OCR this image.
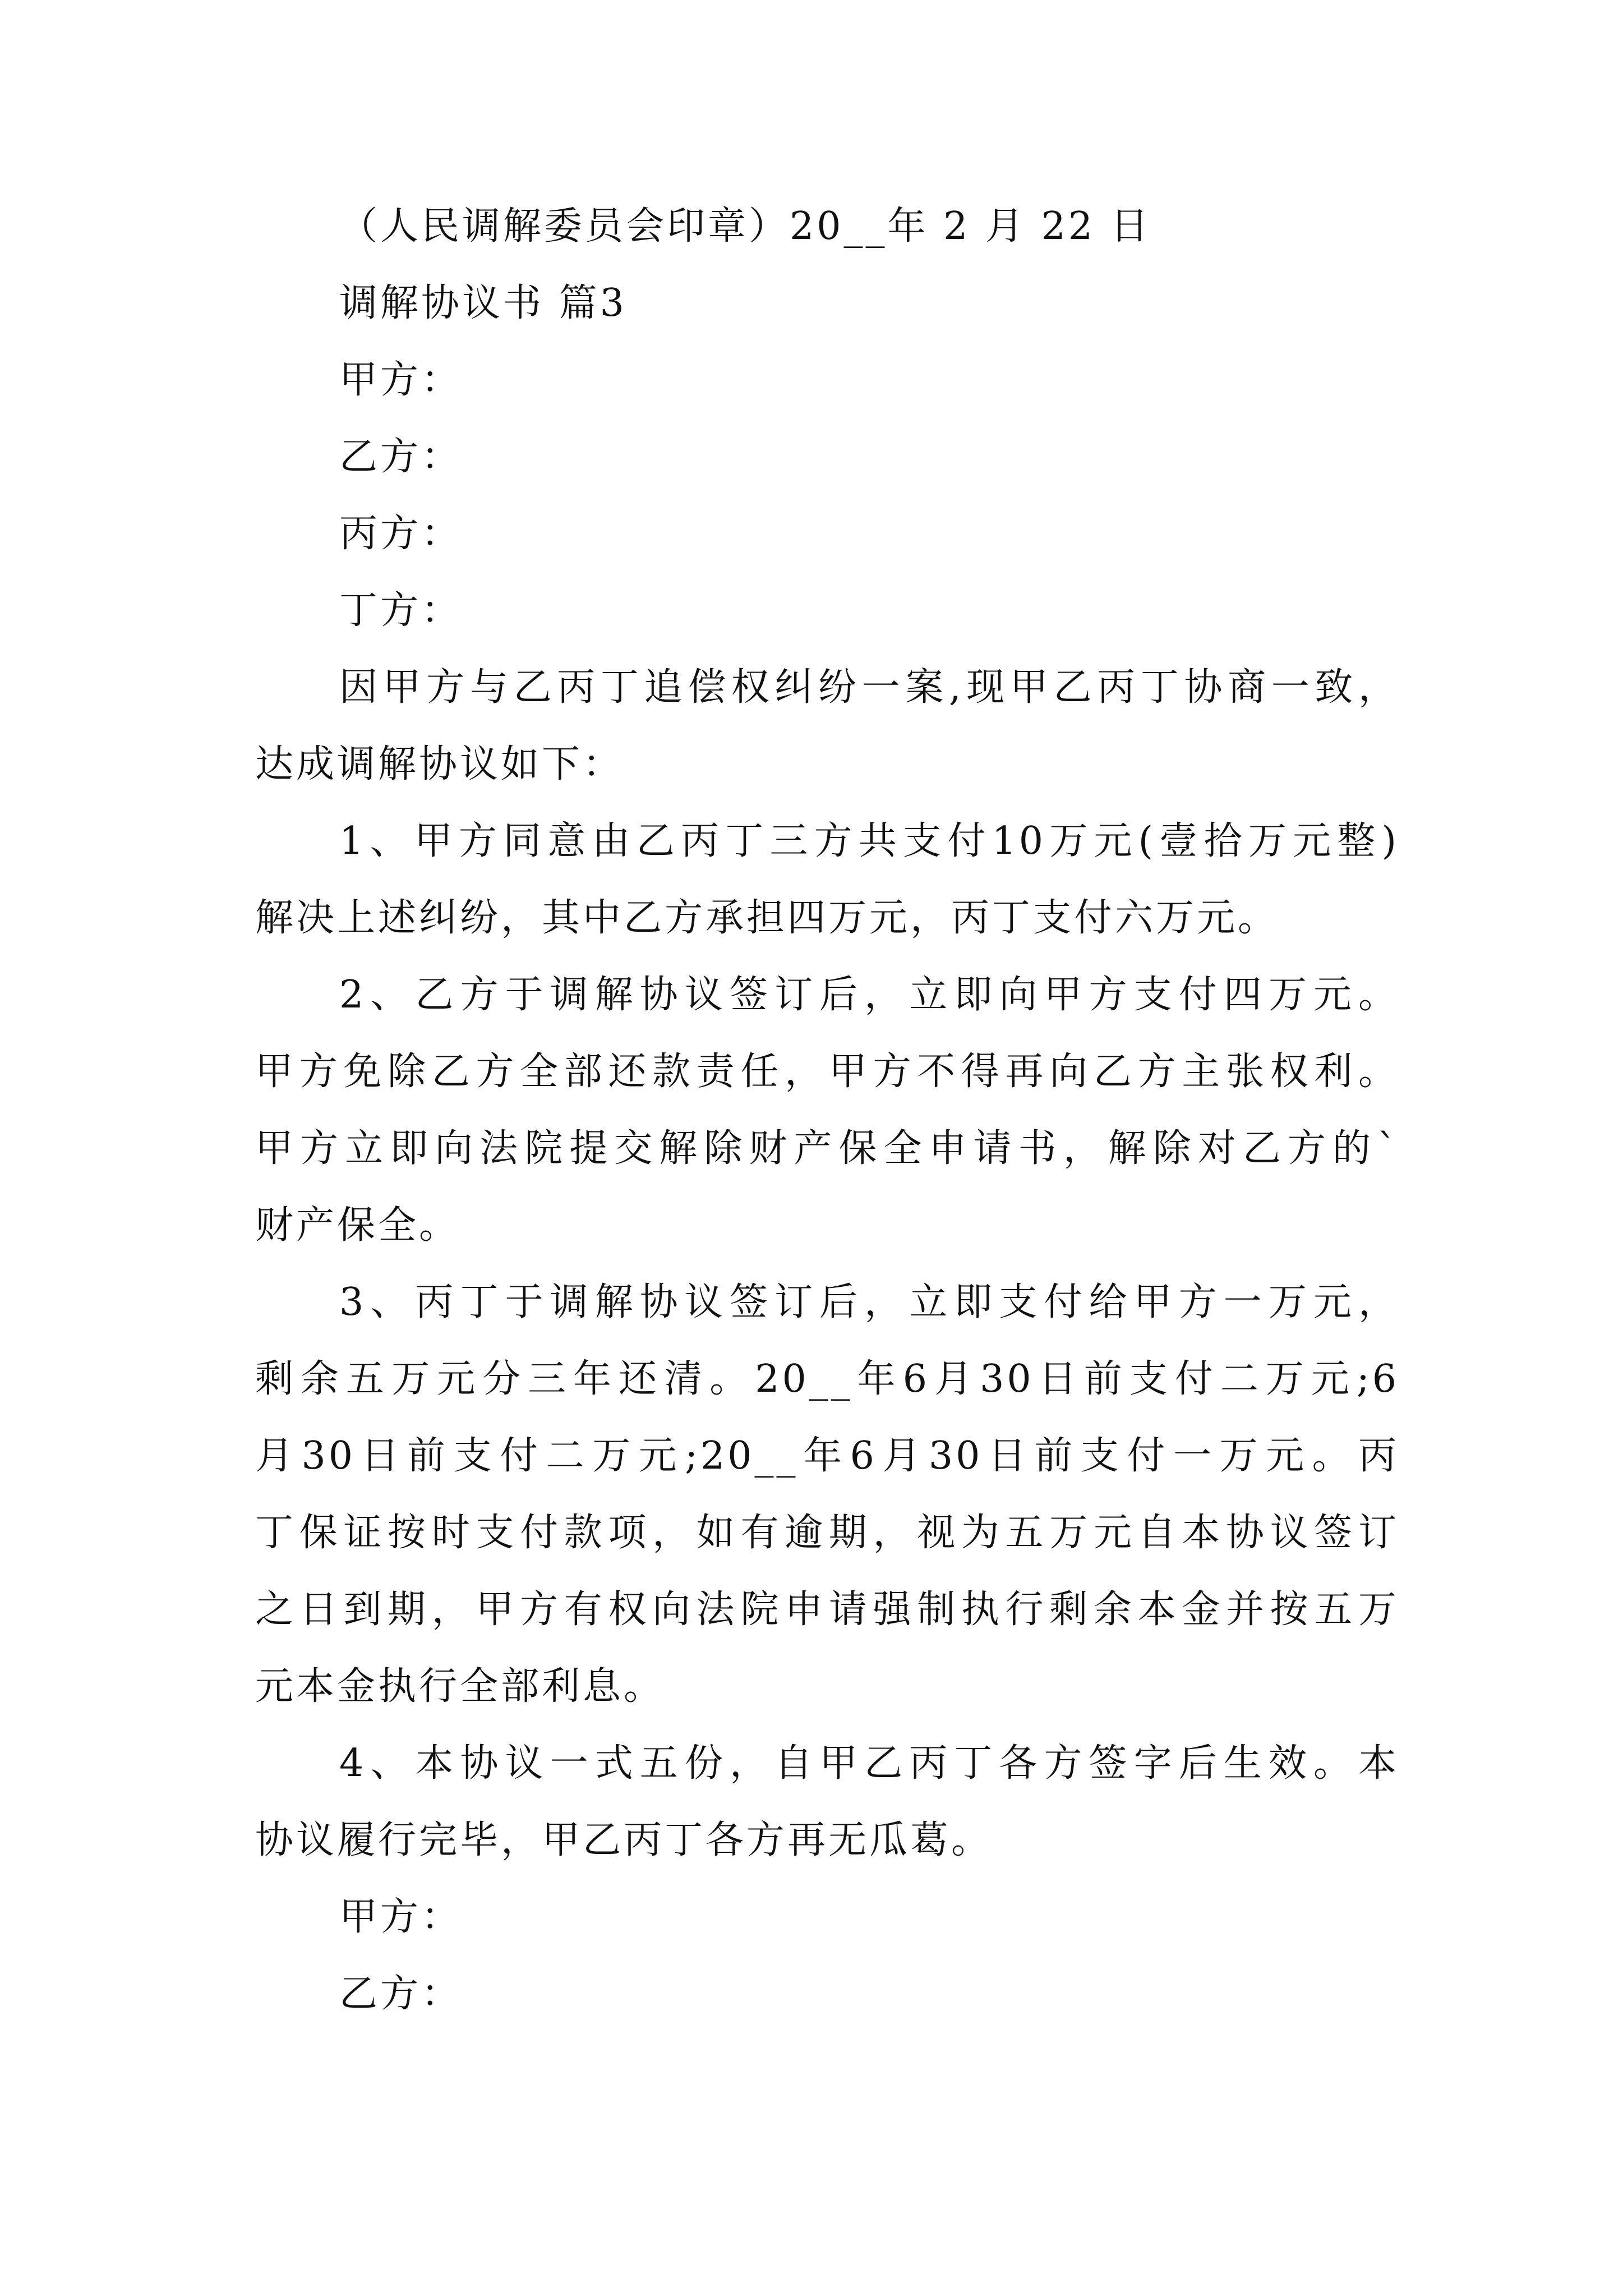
（人民调解委员会印章）20__年 2 月 22 日

调解协议书 篇3

甲方：

乙方：

丙方：

丁方：

因甲方与乙丙丁追偿权纠纷一案,现甲乙丙丁协商一致，

达成调解协议如下：

1、甲方同意由乙丙丁三方共支付10万元(壹拾万元整)

解决上述纠纷，其中乙方承担四万元，丙丁支付六万元。

2、乙方于调解协议签订后，立即向甲方支付四万元。

甲方免除乙方全部还款责任，甲方不得再向乙方主张权利。

甲方立即向法院提交解除财产保全申请书，解除对乙方的`

财产保全。

3、丙丁于调解协议签订后，立即支付给甲方一万元，

剩余五万元分三年还清。20__年6月30日前支付二万元;6

月30日前支付二万元;20__年6月30日前支付一万元。丙

丁保证按时支付款项，如有逾期，视为五万元自本协议签订

之日到期，甲方有权向法院申请强制执行剩余本金并按五万

元本金执行全部利息。

4、本协议一式五份，自甲乙丙丁各方签字后生效。本

协议履行完毕，甲乙丙丁各方再无瓜葛。

甲方：

乙方：
